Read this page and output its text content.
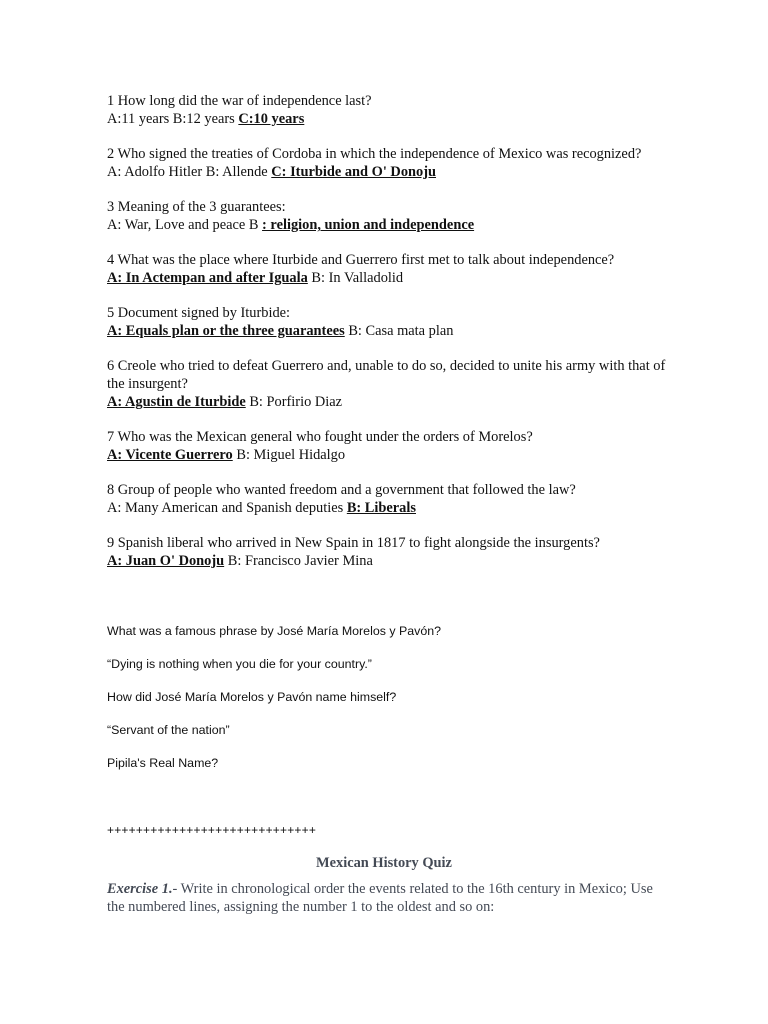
1 How long did the war of independence last?

A:11 years B:12 years C:10 years

2 Who signed the treaties of Cordoba in which the independence of Mexico was recognized?

A: Adolfo Hitler B: Allende C: Iturbide and O' Donoju

3 Meaning of the 3 guarantees:

A: War, Love and peace B : religion, union and independence

4 What was the place where Iturbide and Guerrero first met to talk about independence?

A: In Actempan and after Iguala B: In Valladolid

5 Document signed by Iturbide:

A: Equals plan or the three guarantees B: Casa mata plan

6 Creole who tried to defeat Guerrero and, unable to do so, decided to unite his army with that of the insurgent?

A: Agustin de Iturbide B: Porfirio Diaz

7 Who was the Mexican general who fought under the orders of Morelos?

A: Vicente Guerrero B: Miguel Hidalgo

8 Group of people who wanted freedom and a government that followed the law?

A: Many American and Spanish deputies B: Liberals

9 Spanish liberal who arrived in New Spain in 1817 to fight alongside the insurgents?

A: Juan O' Donoju B: Francisco Javier Mina

What was a famous phrase by José María Morelos y Pavón?

“Dying is nothing when you die for your country.”

How did José María Morelos y Pavón name himself?

“Servant of the nation”

Pipila's Real Name?

+++++++++++++++++++++++++++++
Mexican History Quiz

Exercise 1.- Write in chronological order the events related to the 16th century in Mexico; Use the numbered lines, assigning the number 1 to the oldest and so on:
